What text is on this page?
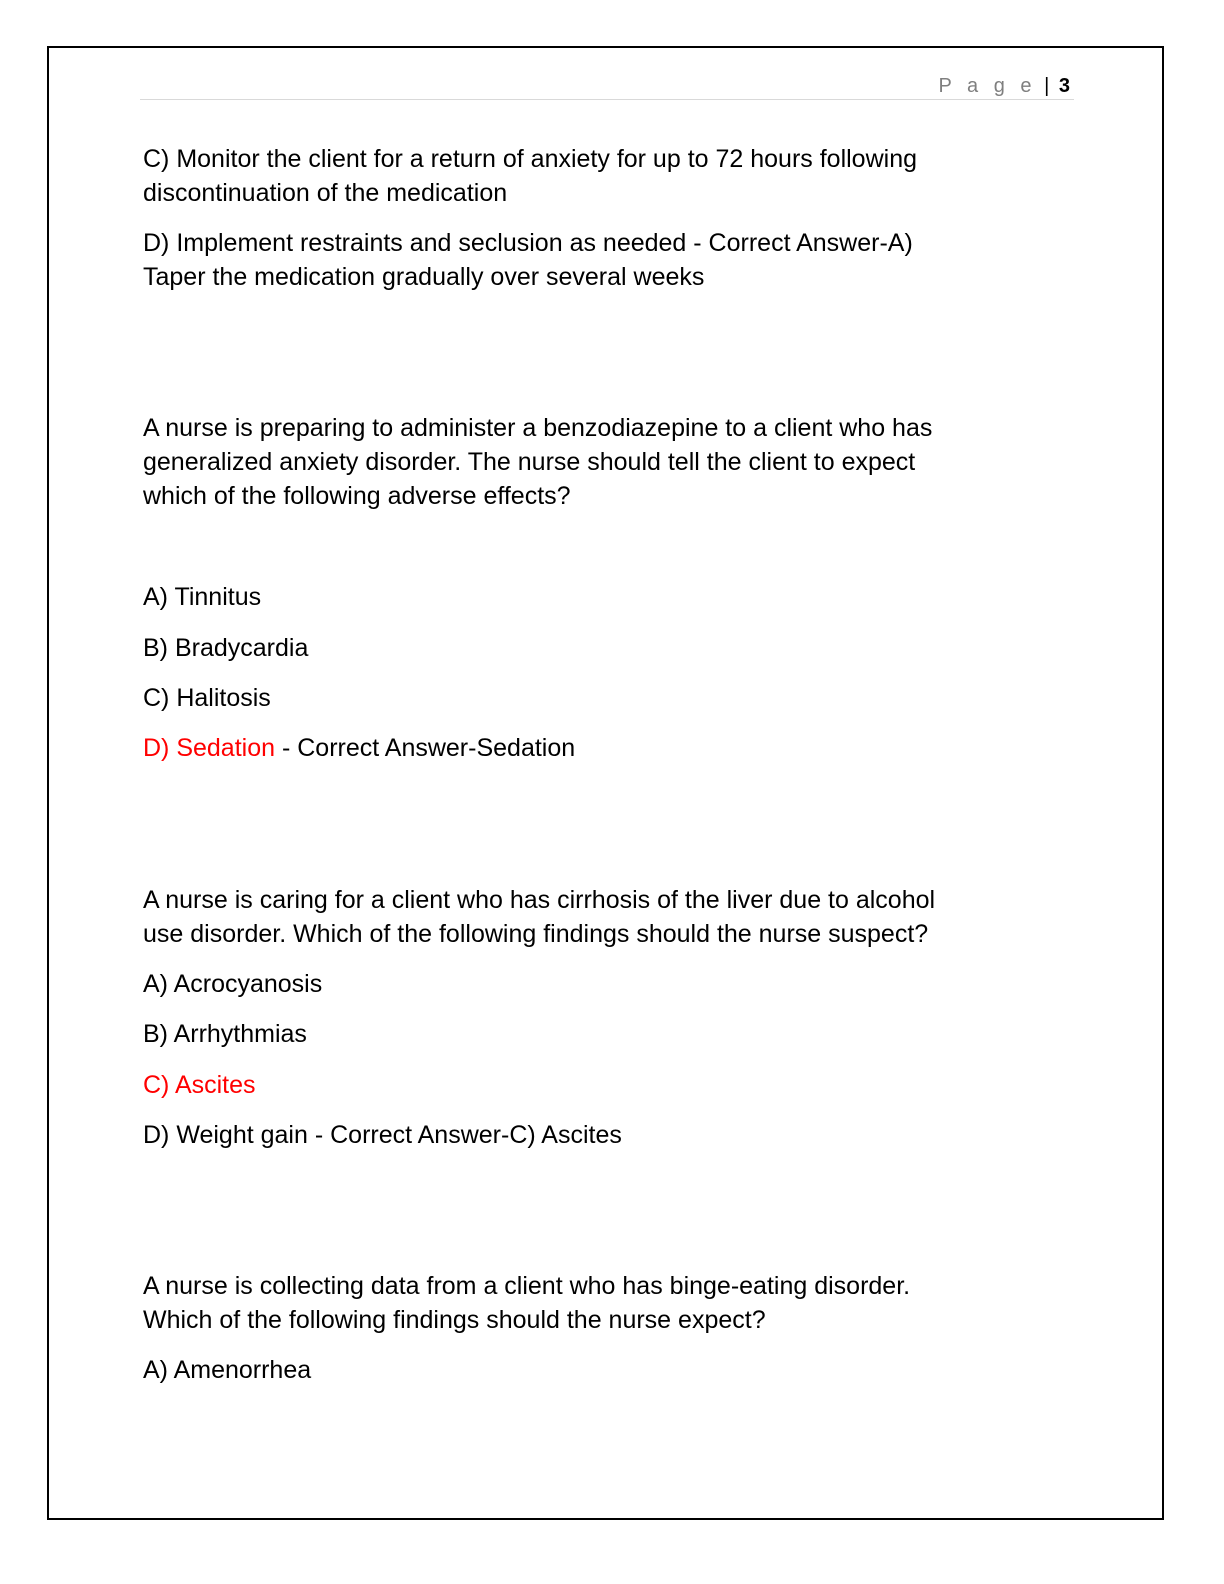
P a g e | 3
C) Monitor the client for a return of anxiety for up to 72 hours following
discontinuation of the medication
D) Implement restraints and seclusion as needed - Correct Answer-A)
Taper the medication gradually over several weeks
A nurse is preparing to administer a benzodiazepine to a client who has
generalized anxiety disorder. The nurse should tell the client to expect
which of the following adverse effects?
A) Tinnitus
B) Bradycardia
C) Halitosis
D) Sedation - Correct Answer-Sedation
A nurse is caring for a client who has cirrhosis of the liver due to alcohol
use disorder. Which of the following findings should the nurse suspect?
A) Acrocyanosis
B) Arrhythmias
C) Ascites
D) Weight gain - Correct Answer-C) Ascites
A nurse is collecting data from a client who has binge-eating disorder.
Which of the following findings should the nurse expect?
A) Amenorrhea
